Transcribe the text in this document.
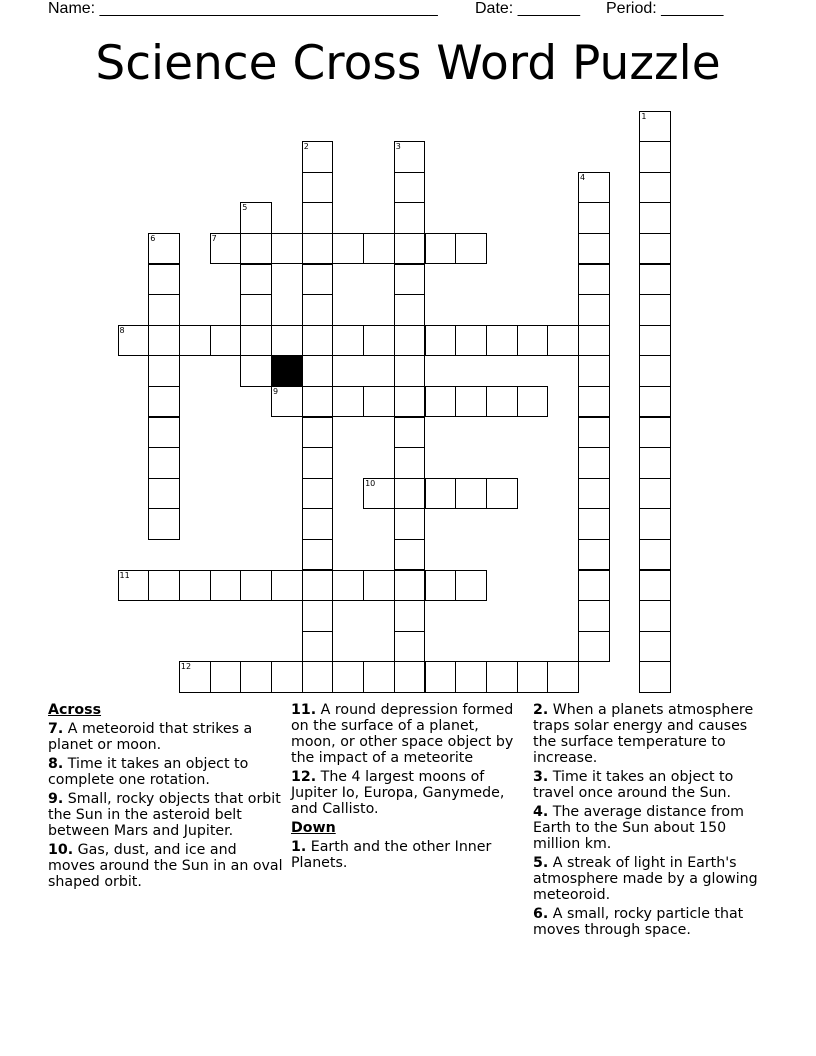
Name: ______________________________________ Date: _______ Period: _______
Science Cross Word Puzzle
1
2	3
4
5
6	7
8
9
10
11
12
Across
7. A meteoroid that strikes a planet or moon.
8. Time it takes an object to complete one rotation.
9. Small, rocky objects that orbit the Sun in the asteroid belt between Mars and Jupiter.
10. Gas, dust, and ice and moves around the Sun in an oval shaped orbit.
11. A round depression formed on the surface of a planet, moon, or other space object by the impact of a meteorite
12. The 4 largest moons of Jupiter Io, Europa, Ganymede, and Callisto.
Down
1. Earth and the other Inner Planets.
2. When a planets atmosphere traps solar energy and causes the surface temperature to increase.
3. Time it takes an object to travel once around the Sun.
4. The average distance from Earth to the Sun about 150 million km.
5. A streak of light in Earth's atmosphere made by a glowing meteoroid.
6. A small, rocky particle that moves through space.
